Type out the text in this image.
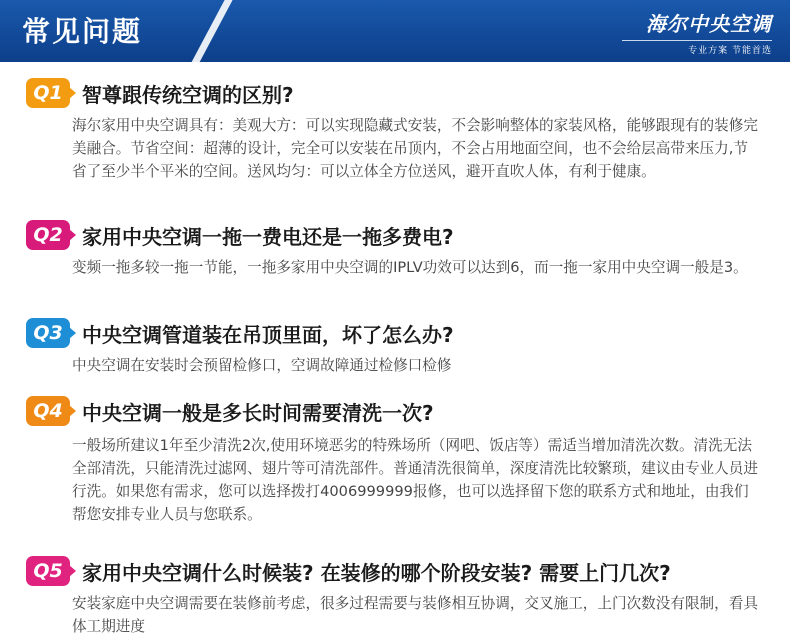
常见问题	海尔中央空调
专业方案 节能首选
Q1 智尊跟传统空调的区别?
海尔家用中央空调具有：美观大方：可以实现隐藏式安装，不会影响整体的家装风格，能够跟现有的装修完美融合。节省空间：超薄的设计，完全可以安装在吊顶内，不会占用地面空间，也不会给层高带来压力,节省了至少半个平米的空间。送风均匀：可以立体全方位送风，避开直吹人体，有利于健康。
Q2 家用中央空调一拖一费电还是一拖多费电?
变频一拖多较一拖一节能，一拖多家用中央空调的IPLV功效可以达到6，而一拖一家用中央空调一般是3。
Q3 中央空调管道装在吊顶里面，坏了怎么办?
中央空调在安装时会预留检修口，空调故障通过检修口检修
Q4 中央空调一般是多长时间需要清洗一次?
一般场所建议1年至少清洗2次,使用环境恶劣的特殊场所（网吧、饭店等）需适当增加清洗次数。清洗无法全部清洗，只能清洗过滤网、翅片等可清洗部件。普通清洗很简单，深度清洗比较繁琐，建议由专业人员进行洗。如果您有需求，您可以选择拨打4006999999报修，也可以选择留下您的联系方式和地址，由我们帮您安排专业人员与您联系。
Q5 家用中央空调什么时候装? 在装修的哪个阶段安装? 需要上门几次?
安装家庭中央空调需要在装修前考虑，很多过程需要与装修相互协调，交叉施工，上门次数没有限制，看具体工期进度
